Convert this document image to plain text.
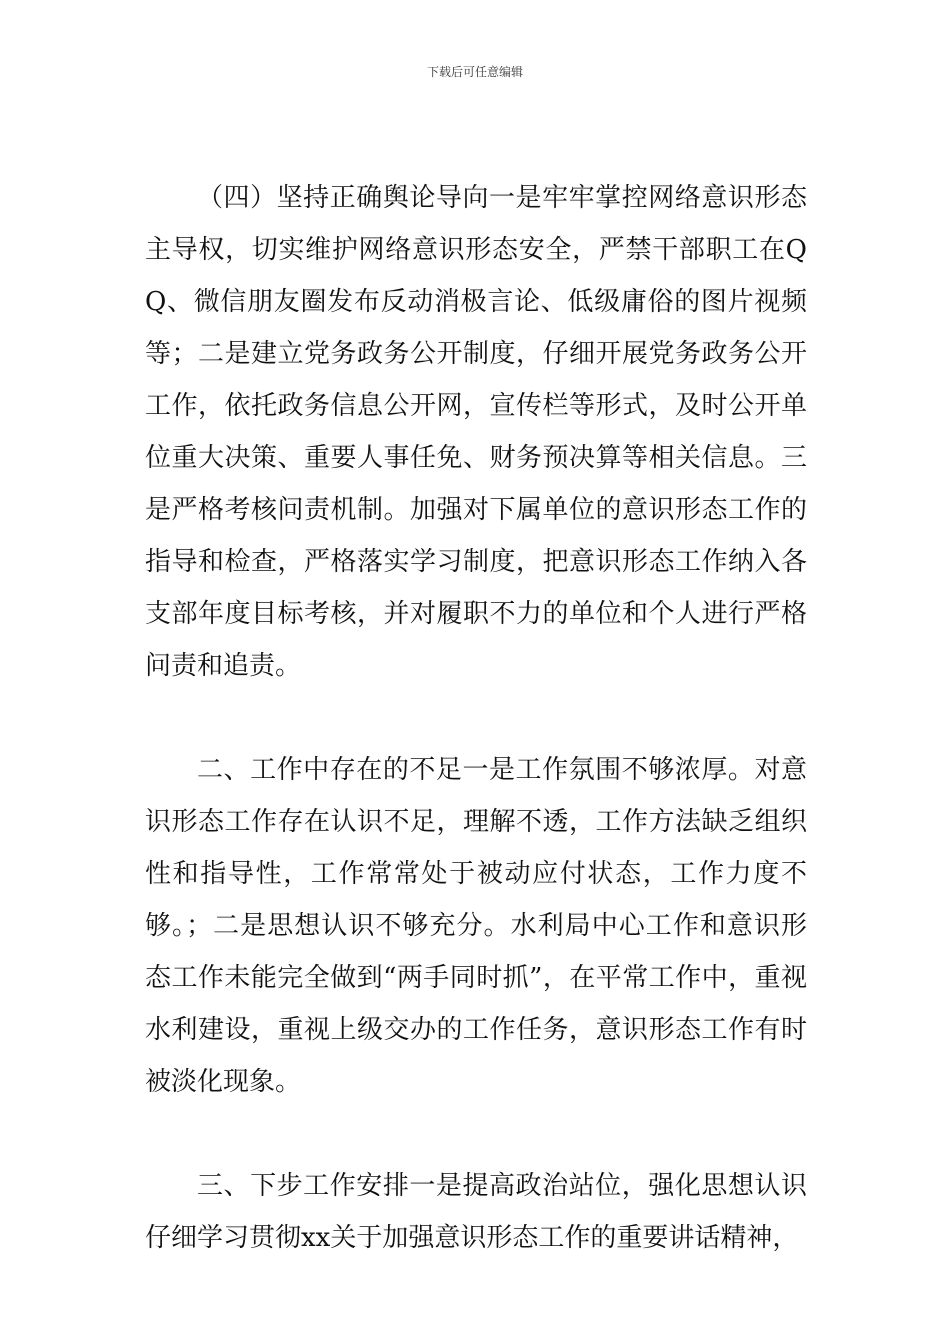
下载后可任意编辑

（四）坚持正确舆论导向一是牢牢掌控网络意识形态主导权，切实维护网络意识形态安全，严禁干部职工在QQ、微信朋友圈发布反动消极言论、低级庸俗的图片视频等；二是建立党务政务公开制度，仔细开展党务政务公开工作，依托政务信息公开网，宣传栏等形式，及时公开单位重大决策、重要人事任免、财务预决算等相关信息。三是严格考核问责机制。加强对下属单位的意识形态工作的指导和检查，严格落实学习制度，把意识形态工作纳入各支部年度目标考核，并对履职不力的单位和个人进行严格问责和追责。

二、工作中存在的不足一是工作氛围不够浓厚。对意识形态工作存在认识不足，理解不透，工作方法缺乏组织性和指导性，工作常常处于被动应付状态，工作力度不够。；二是思想认识不够充分。水利局中心工作和意识形态工作未能完全做到“两手同时抓”，在平常工作中，重视水利建设，重视上级交办的工作任务，意识形态工作有时被淡化现象。

三、下步工作安排一是提高政治站位，强化思想认识仔细学习贯彻xx关于加强意识形态工作的重要讲话精神，
